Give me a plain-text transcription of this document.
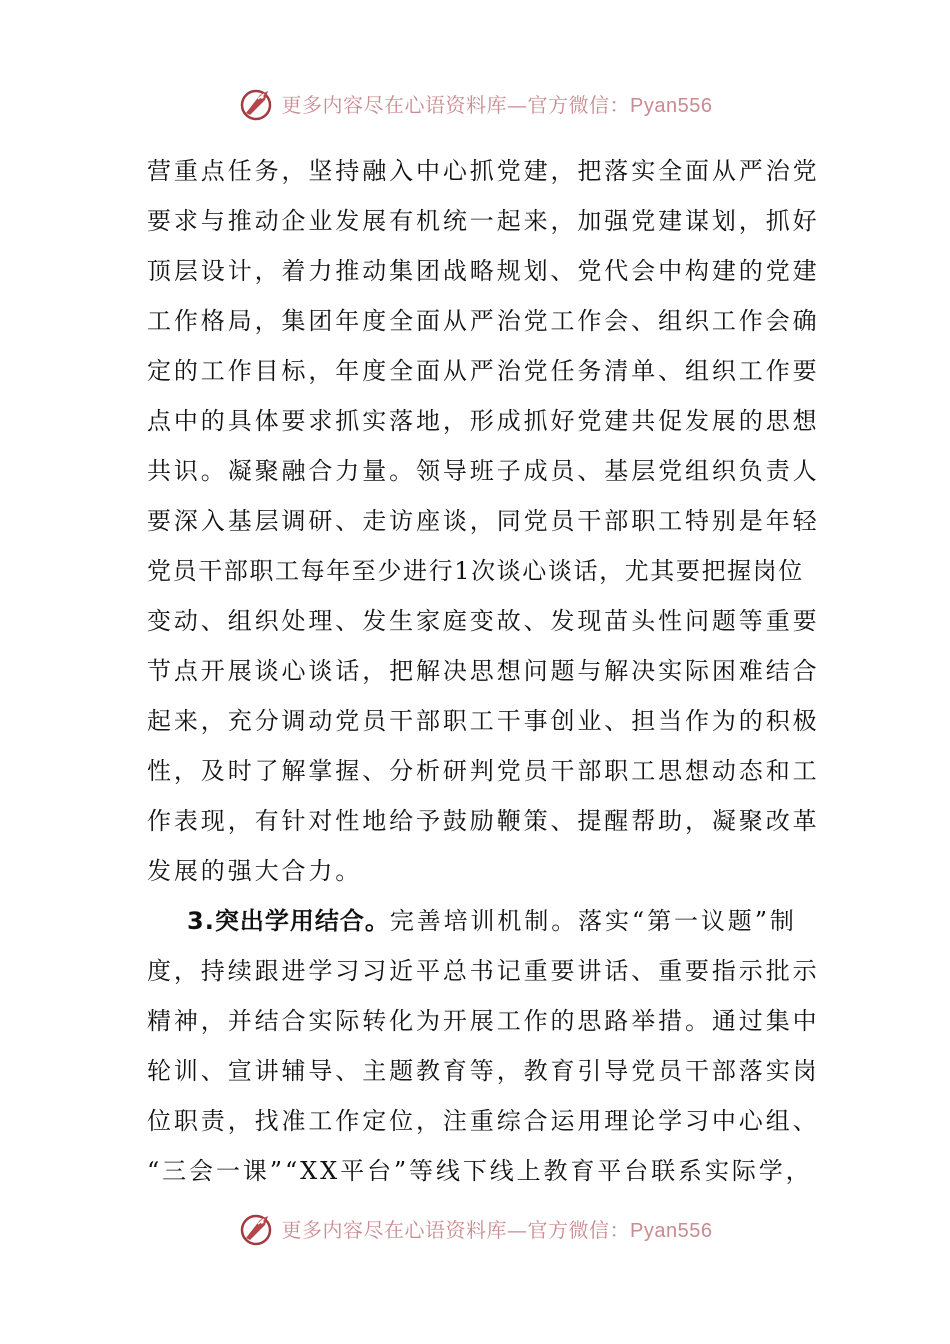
更多内容尽在心语资料库—官方微信：Pyan556
营重点任务，坚持融入中心抓党建，把落实全面从严治党
要求与推动企业发展有机统一起来，加强党建谋划，抓好
顶层设计，着力推动集团战略规划、党代会中构建的党建
工作格局，集团年度全面从严治党工作会、组织工作会确
定的工作目标，年度全面从严治党任务清单、组织工作要
点中的具体要求抓实落地，形成抓好党建共促发展的思想
共识。凝聚融合力量。领导班子成员、基层党组织负责人
要深入基层调研、走访座谈，同党员干部职工特别是年轻
党员干部职工每年至少进行1次谈心谈话，尤其要把握岗位
变动、组织处理、发生家庭变故、发现苗头性问题等重要
节点开展谈心谈话，把解决思想问题与解决实际困难结合
起来，充分调动党员干部职工干事创业、担当作为的积极
性，及时了解掌握、分析研判党员干部职工思想动态和工
作表现，有针对性地给予鼓励鞭策、提醒帮助，凝聚改革
发展的强大合力。
3.突出学用结合。完善培训机制。落实“第一议题”制
度，持续跟进学习习近平总书记重要讲话、重要指示批示
精神，并结合实际转化为开展工作的思路举措。通过集中
轮训、宣讲辅导、主题教育等，教育引导党员干部落实岗
位职责，找准工作定位，注重综合运用理论学习中心组、
“三会一课”“XX平台”等线下线上教育平台联系实际学，
更多内容尽在心语资料库—官方微信：Pyan556
